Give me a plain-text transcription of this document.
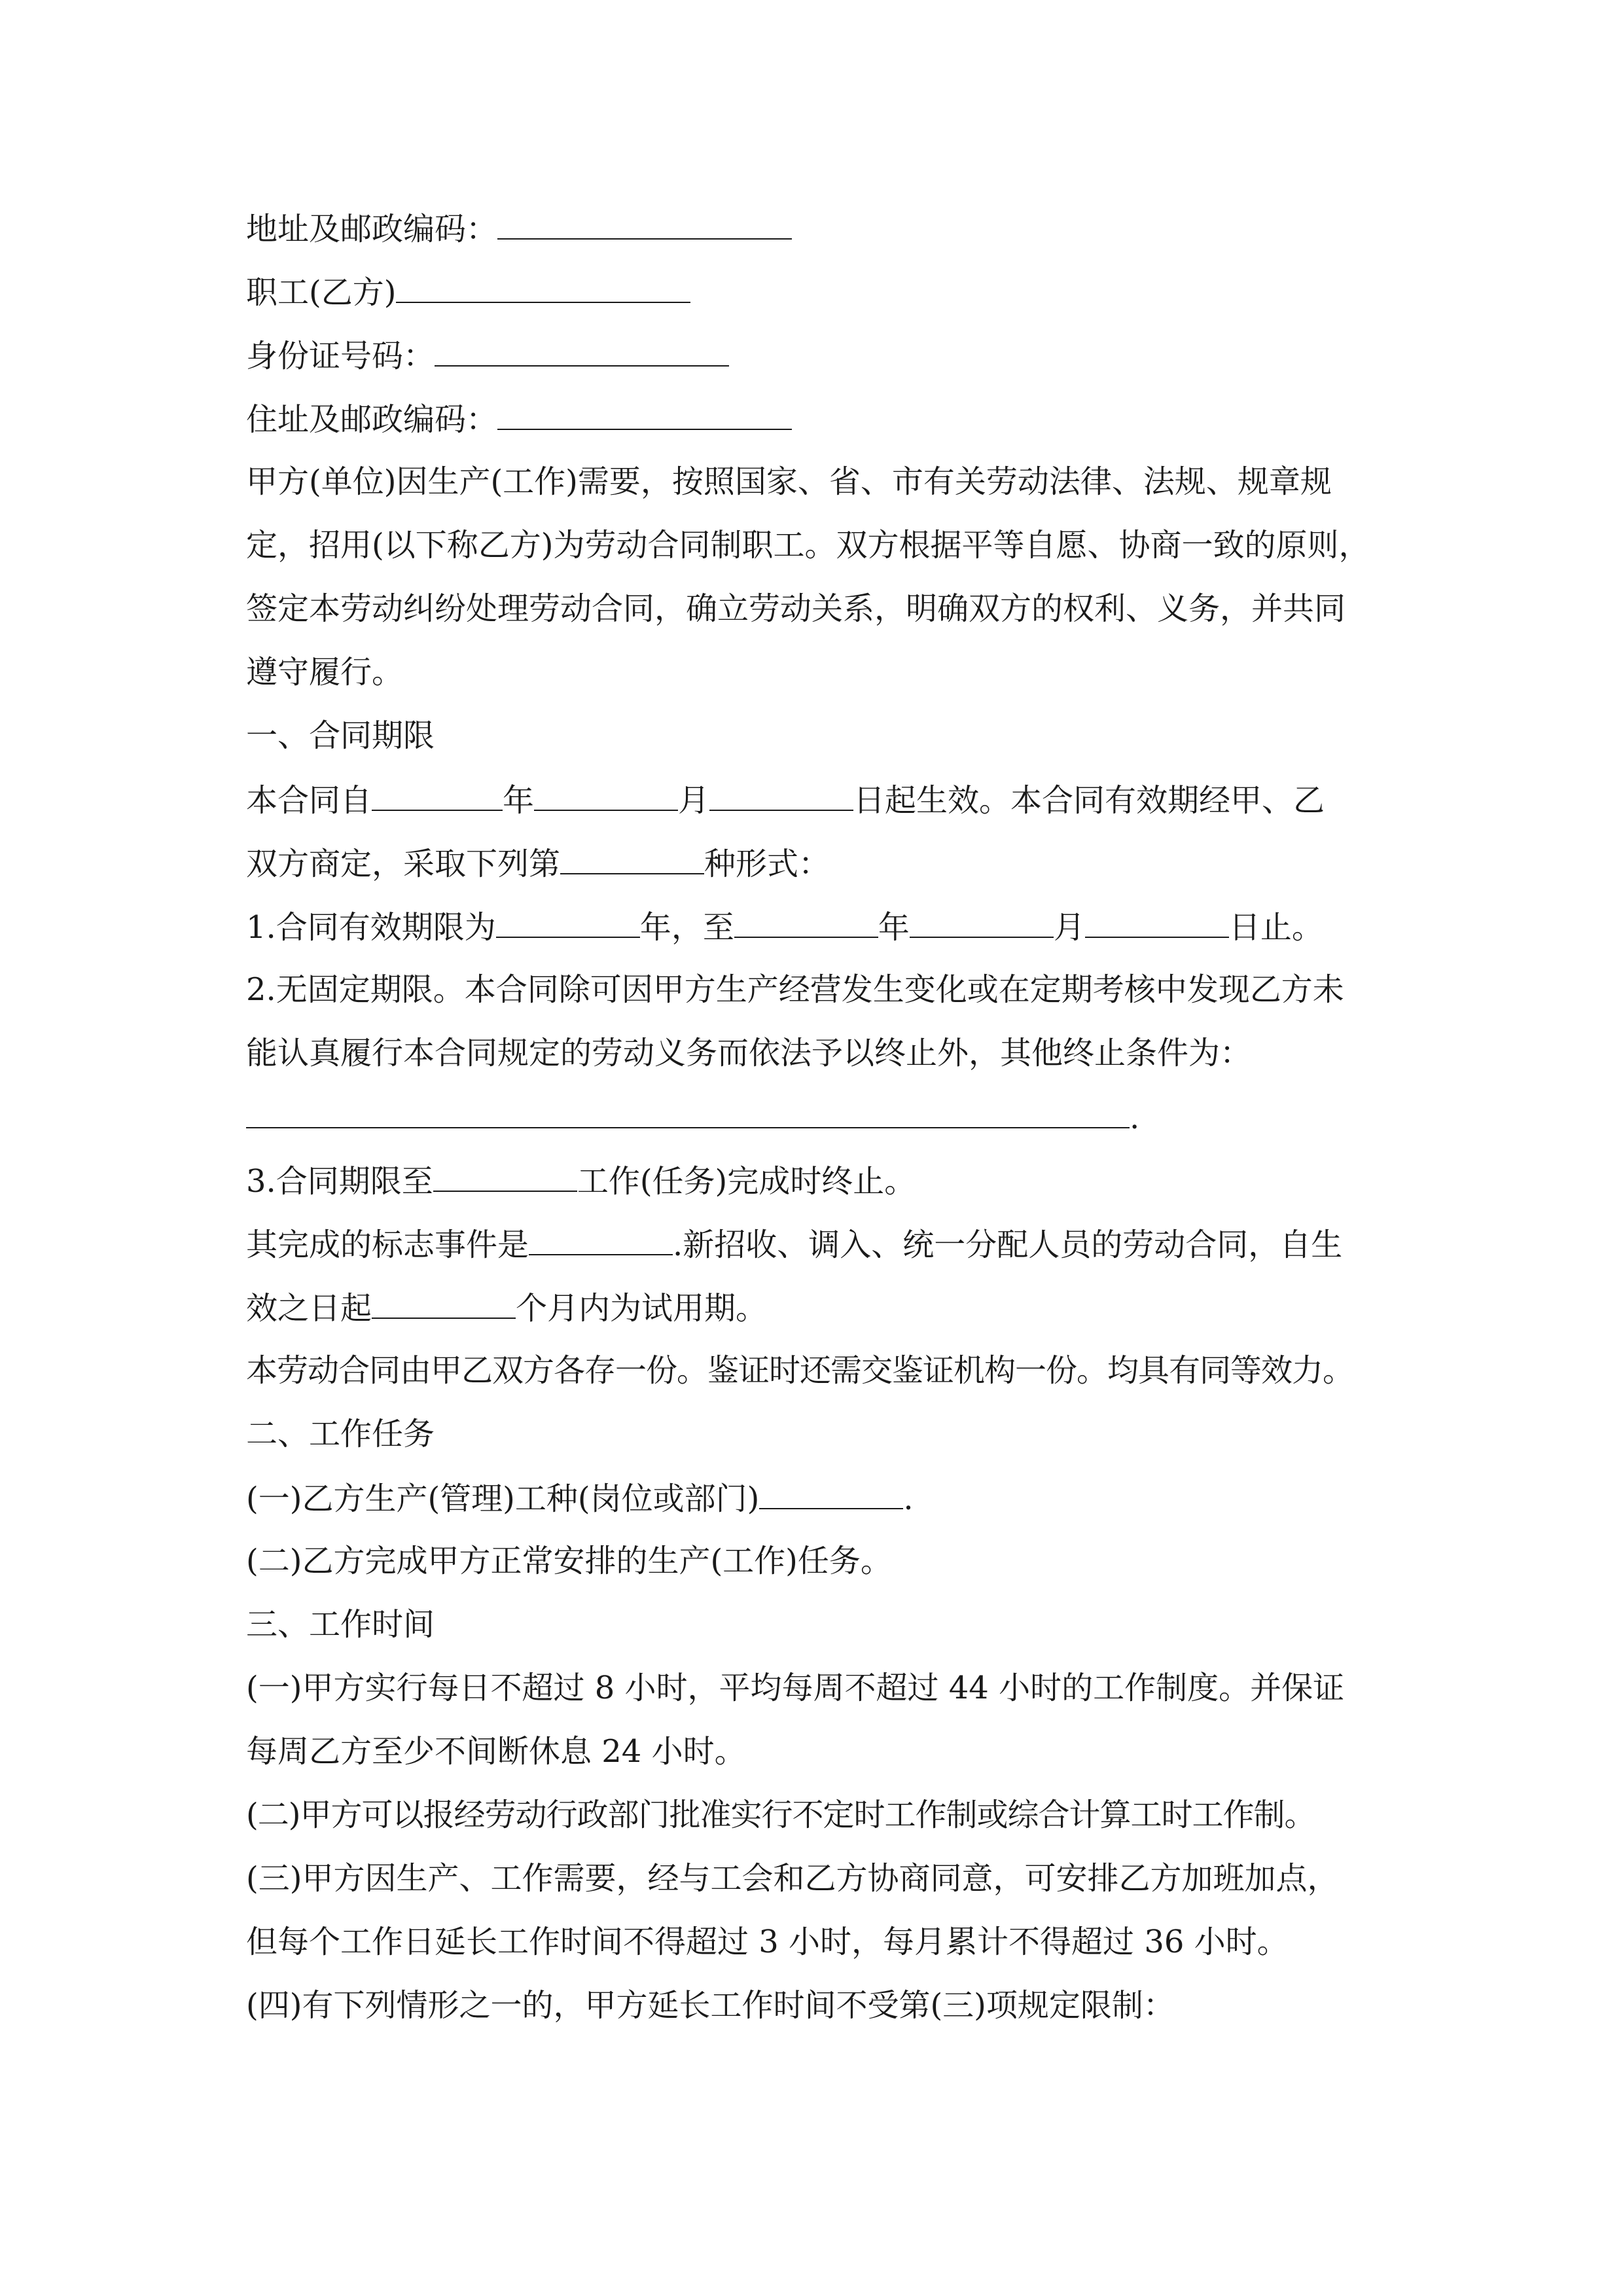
地址及邮政编码：
职工(乙方)
身份证号码：
住址及邮政编码：
甲方(单位)因生产(工作)需要，按照国家、省、市有关劳动法律、法规、规章规
定，招用(以下称乙方)为劳动合同制职工。双方根据平等自愿、协商一致的原则，
签定本劳动纠纷处理劳动合同，确立劳动关系，明确双方的权利、义务，并共同
遵守履行。
一、合同期限
本合同自	年	月	日起生效。本合同有效期经甲、乙
双方商定，采取下列第	种形式：
1.合同有效期限为	年，至	年	月	日止。
2.无固定期限。本合同除可因甲方生产经营发生变化或在定期考核中发现乙方未
能认真履行本合同规定的劳动义务而依法予以终止外，其他终止条件为：
.
3.合同期限至	工作(任务)完成时终止。
其完成的标志事件是	.新招收、调入、统一分配人员的劳动合同，自生
效之日起	个月内为试用期。
本劳动合同由甲乙双方各存一份。鉴证时还需交鉴证机构一份。均具有同等效力。
二、工作任务
(一)乙方生产(管理)工种(岗位或部门)	.
(二)乙方完成甲方正常安排的生产(工作)任务。
三、工作时间
(一)甲方实行每日不超过 8 小时，平均每周不超过 44 小时的工作制度。并保证
每周乙方至少不间断休息 24 小时。
(二)甲方可以报经劳动行政部门批准实行不定时工作制或综合计算工时工作制。
(三)甲方因生产、工作需要，经与工会和乙方协商同意，可安排乙方加班加点，
但每个工作日延长工作时间不得超过 3 小时，每月累计不得超过 36 小时。
(四)有下列情形之一的，甲方延长工作时间不受第(三)项规定限制：
